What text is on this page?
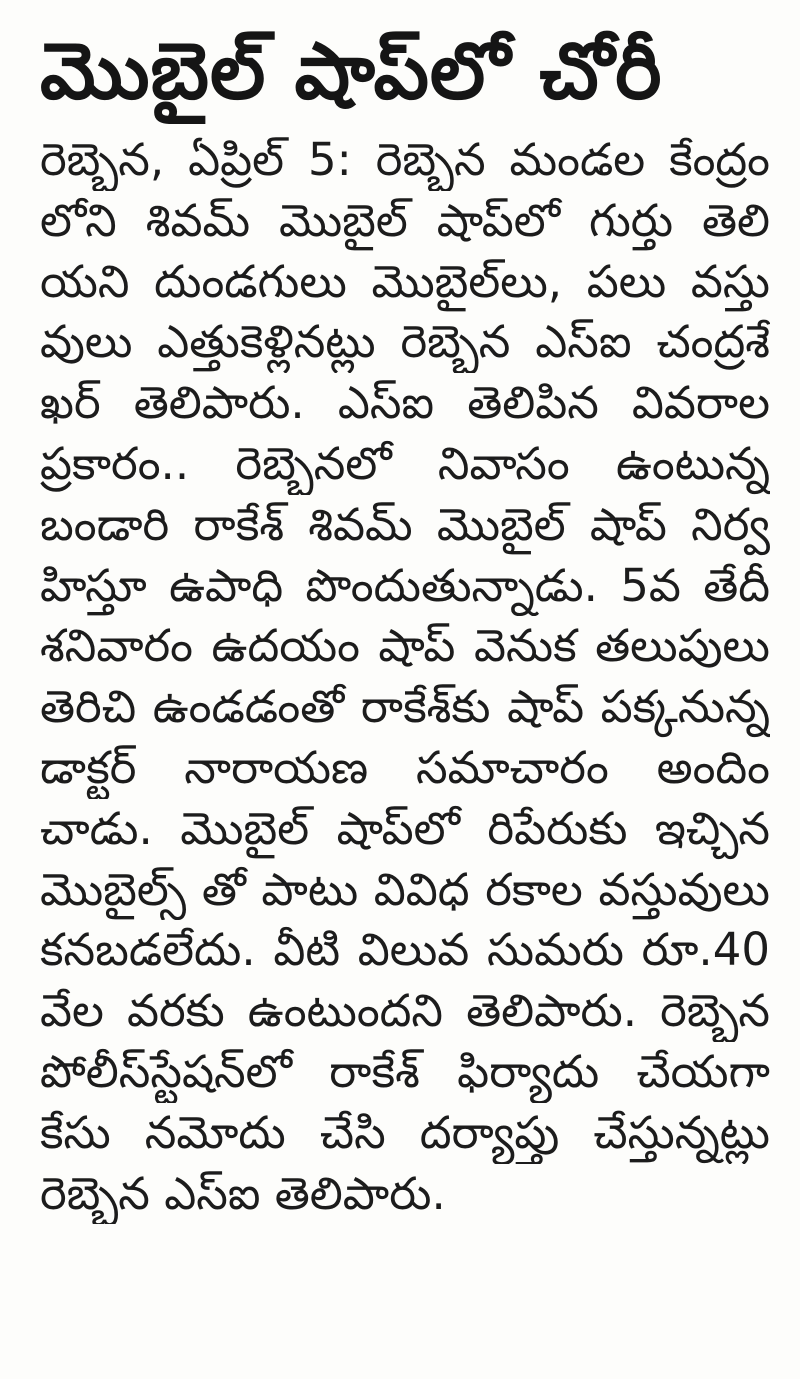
మొబైల్ షాప్‌లో చోరీ
రెబ్బెన, ఏప్రిల్ 5: రెబ్బెన మండల కేంద్రం
లోని శివమ్ మొబైల్ షాప్‌లో గుర్తు తెలి
యని దుండగులు మొబైల్‌లు, పలు వస్తు
వులు ఎత్తుకెళ్లినట్లు రెబ్బెన ఎస్ఐ చంద్రశే
ఖర్ తెలిపారు. ఎస్ఐ తెలిపిన వివరాల
ప్రకారం.. రెబ్బెనలో నివాసం ఉంటున్న
బండారి రాకేశ్ శివమ్ మొబైల్ షాప్ నిర్వ
హిస్తూ ఉపాధి పొందుతున్నాడు. 5వ తేదీ
శనివారం ఉదయం షాప్ వెనుక తలుపులు
తెరిచి ఉండడంతో రాకేశ్‌కు షాప్ పక్కనున్న
డాక్టర్ నారాయణ సమాచారం అందిం
చాడు. మొబైల్ షాప్‌లో రిపేరుకు ఇచ్చిన
మొబైల్స్ తో పాటు వివిధ రకాల వస్తువులు
కనబడలేదు. వీటి విలువ సుమరు రూ.40
వేల వరకు ఉంటుందని తెలిపారు. రెబ్బెన
పోలీస్‌స్టేషన్‌లో రాకేశ్ ఫిర్యాదు చేయగా
కేసు నమోదు చేసి దర్యాప్తు చేస్తున్నట్లు
రెబ్బెన ఎస్ఐ తెలిపారు.
